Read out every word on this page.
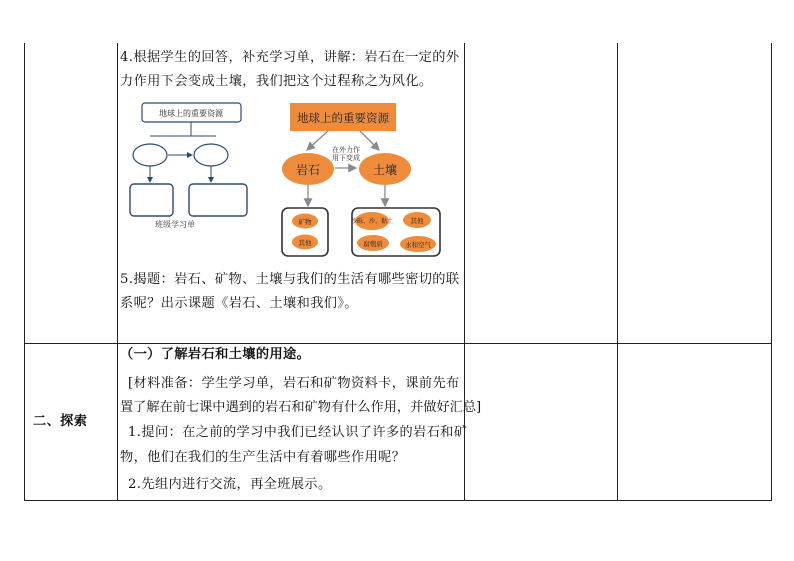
4.根据学生的回答，补充学习单，讲解：岩石在一定的外
力作用下会变成土壤，我们把这个过程称之为风化。
地球上的重要资源
班级学习单
地球上的重要资源
岩石	土壤
在外力作
用下变成
矿物
其他
沙砾、沙、黏土	其他
腐殖质	水和空气
5.揭题：岩石、矿物、土壤与我们的生活有哪些密切的联
系呢？出示课题《岩石、土壤和我们》。
二、探索
（一）了解岩石和土壤的用途。
[材料准备：学生学习单，岩石和矿物资料卡，课前先布
置了解在前七课中遇到的岩石和矿物有什么作用，并做好汇总]
1.提问：在之前的学习中我们已经认识了许多的岩石和矿
物，他们在我们的生产生活中有着哪些作用呢？
2.先组内进行交流，再全班展示。
